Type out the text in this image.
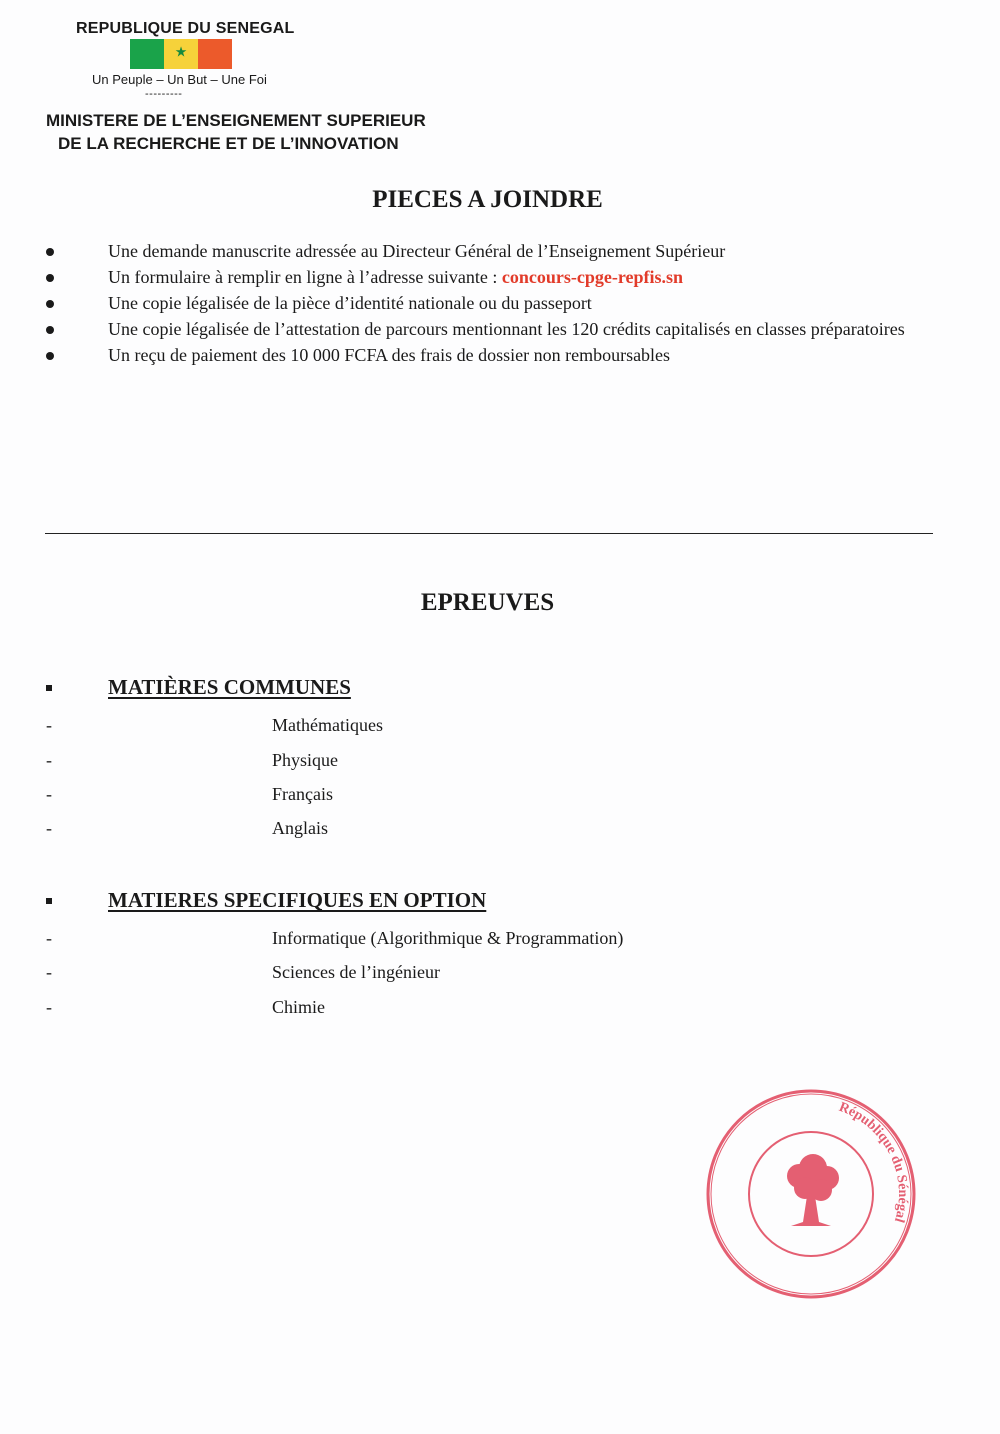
REPUBLIQUE DU SENEGAL
★
Un Peuple – Un But – Une Foi
---------
MINISTERE DE L’ENSEIGNEMENT SUPERIEUR
DE LA RECHERCHE ET DE L’INNOVATION
PIECES A JOINDRE
Une demande manuscrite adressée au Directeur Général de l’Enseignement Supérieur
Un formulaire à remplir en ligne à l’adresse suivante : concours-cpge-repfis.sn
Une copie légalisée de la pièce d’identité nationale ou du passeport
Une copie légalisée de l’attestation de parcours mentionnant les 120 crédits capitalisés en classes préparatoires
Un reçu de paiement des 10 000 FCFA des frais de dossier non remboursables
EPREUVES
MATIÈRES COMMUNES
-	Mathématiques
-	Physique
-	Français
-	Anglais
MATIERES SPECIFIQUES EN OPTION
-	Informatique (Algorithmique & Programmation)
-	Sciences de l’ingénieur
-	Chimie
République du Sénégal
